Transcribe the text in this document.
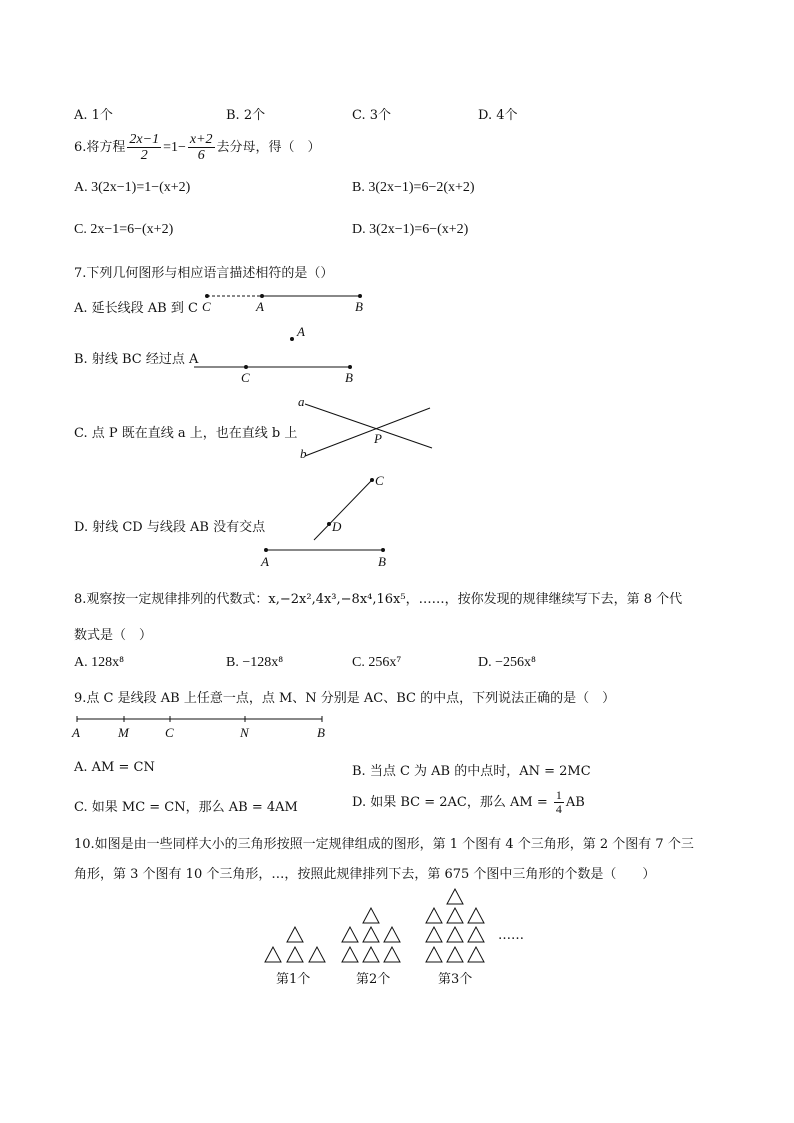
A. 1个	B. 2个	C. 3个	D. 4个
6.将方程 $\frac{2x-1}{2} =1- \frac{x+2}{6}$ 去分母，得（　）
A. 3(2x−1)=1−(x+2)	B. 3(2x−1)=6−2(x+2)
C. 2x−1=6−(x+2)	D. 3(2x−1)=6−(x+2)
7.下列几何图形与相应语言描述相符的是（）
A. 延长线段 AB 到 C
B. 射线 BC 经过点 A
C. 点 P 既在直线 a 上，也在直线 b 上
D. 射线 CD 与线段 AB 没有交点
C	A	B
A
C	B
a
b
P
C
D
A	B
A	M	C	N	B
8.观察按一定规律排列的代数式：x,−2x²,4x³,−8x⁴,16x⁵，……，按你发现的规律继续写下去，第 8 个代
数式是（　）
A. 128x⁸	B. −128x⁸	C. 256x⁷	D. −256x⁸
9.点 C 是线段 AB 上任意一点，点 M、N 分别是 AC、BC 的中点，下列说法正确的是（　）
A. AM = CN	B. 当点 C 为 AB 的中点时，AN = 2MC
C. 如果 MC = CN，那么 AB = 4AM	D. 如果 BC = 2AC，那么 AM = $\frac{1}{4}$ AB
10.如图是由一些同样大小的三角形按照一定规律组成的图形，第 1 个图有 4 个三角形，第 2 个图有 7 个三
角形，第 3 个图有 10 个三角形，…，按照此规律排列下去，第 675 个图中三角形的个数是（　　）
……
第1个	第2个	第3个
